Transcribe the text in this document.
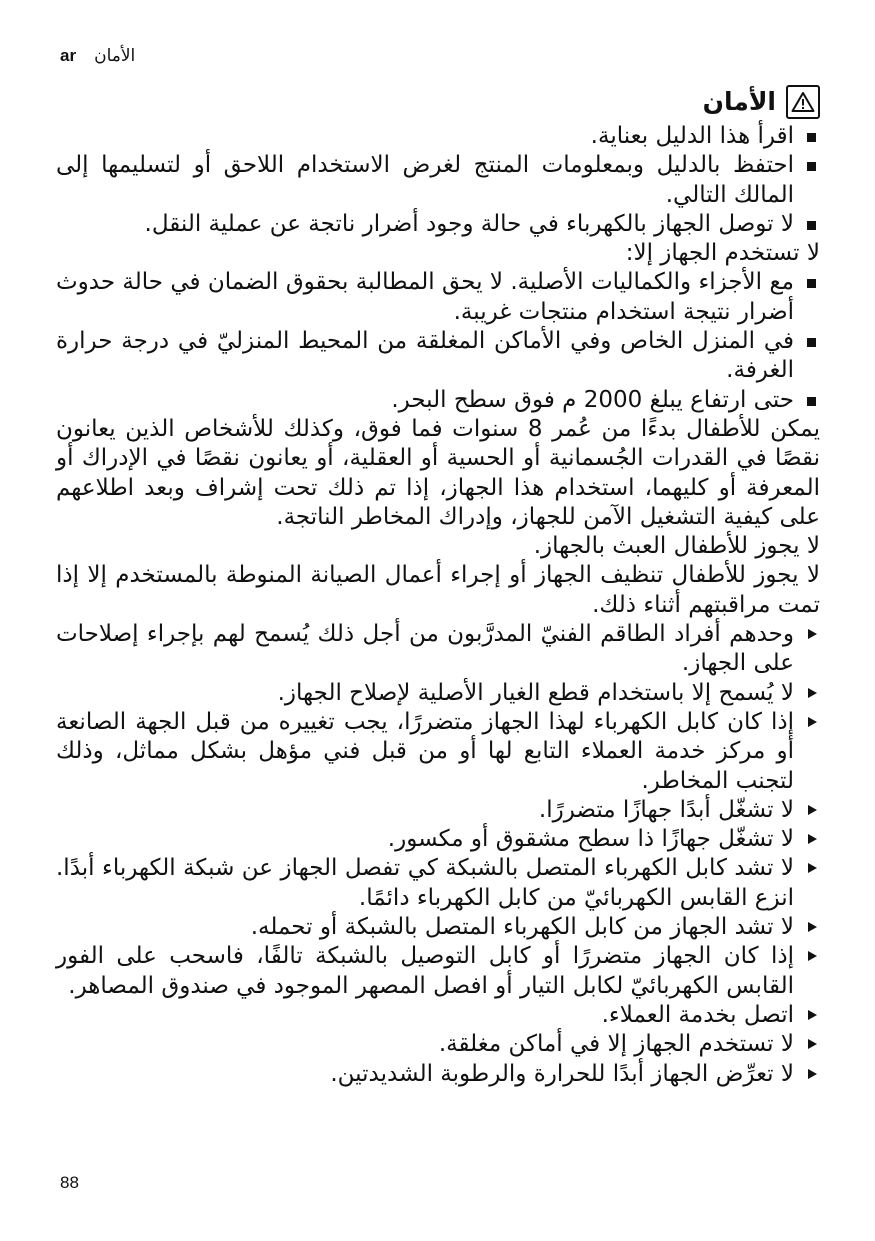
ar الأمان
الأمان
اقرأ هذا الدليل بعناية.
احتفظ بالدليل وبمعلومات المنتج لغرض الاستخدام اللاحق أو لتسليمها إلى المالك التالي.
لا توصل الجهاز بالكهرباء في حالة وجود أضرار ناتجة عن عملية النقل.

لا تستخدم الجهاز إلا:

مع الأجزاء والكماليات الأصلية. لا يحق المطالبة بحقوق الضمان في حالة حدوث أضرار نتيجة استخدام منتجات غريبة.
في المنزل الخاص وفي الأماكن المغلقة من المحيط المنزليّ في درجة حرارة الغرفة.
حتى ارتفاع يبلغ 2000 م فوق سطح البحر.

يمكن للأطفال بدءًا من عُمر 8 سنوات فما فوق، وكذلك للأشخاص الذين يعانون نقصًا في القدرات الجُسمانية أو الحسية أو العقلية، أو يعانون نقصًا في الإدراك أو المعرفة أو كليهما، استخدام هذا الجهاز، إذا تم ذلك تحت إشراف وبعد اطلاعهم على كيفية التشغيل الآمن للجهاز، وإدراك المخاطر الناتجة.

لا يجوز للأطفال العبث بالجهاز.

لا يجوز للأطفال تنظيف الجهاز أو إجراء أعمال الصيانة المنوطة بالمستخدم إلا إذا تمت مراقبتهم أثناء ذلك.

وحدهم أفراد الطاقم الفنيّ المدرَّبون من أجل ذلك يُسمح لهم بإجراء إصلاحات على الجهاز.
لا يُسمح إلا باستخدام قطع الغيار الأصلية لإصلاح الجهاز.
إذا كان كابل الكهرباء لهذا الجهاز متضررًا، يجب تغييره من قبل الجهة الصانعة أو مركز خدمة العملاء التابع لها أو من قبل فني مؤهل بشكل مماثل، وذلك لتجنب المخاطر.
لا تشغّل أبدًا جهازًا متضررًا.
لا تشغّل جهازًا ذا سطح مشقوق أو مكسور.
لا تشد كابل الكهرباء المتصل بالشبكة كي تفصل الجهاز عن شبكة الكهرباء أبدًا. انزع القابس الكهربائيّ من كابل الكهرباء دائمًا.
لا تشد الجهاز من كابل الكهرباء المتصل بالشبكة أو تحمله.
إذا كان الجهاز متضررًا أو كابل التوصيل بالشبكة تالفًا، فاسحب على الفور القابس الكهربائيّ لكابل التيار أو افصل المصهر الموجود في صندوق المصاهر.
اتصل بخدمة العملاء.
لا تستخدم الجهاز إلا في أماكن مغلقة.
لا تعرِّض الجهاز أبدًا للحرارة والرطوبة الشديدتين.
88
